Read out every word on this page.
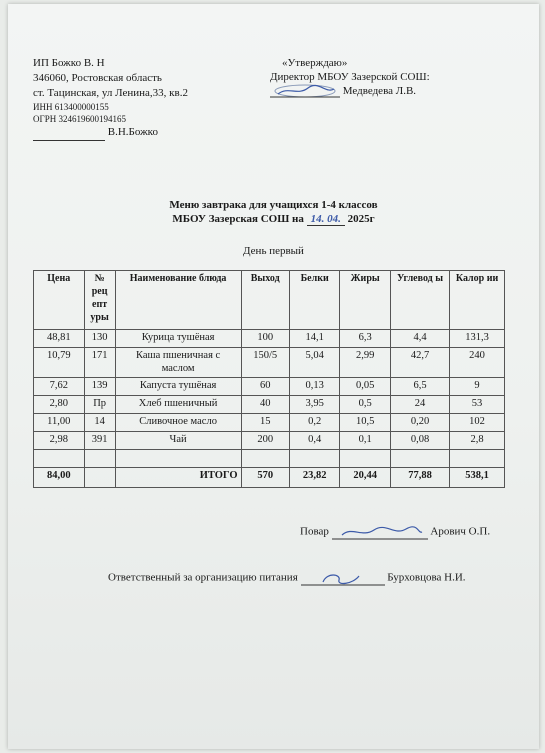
ИП Божко В. Н
346060, Ростовская область
ст. Тацинская, ул Ленина,33, кв.2
ИНН 613400000155
ОГРН 324619600194165
В.Н.Божко
«Утверждаю»
Директор МБОУ Зазерской СОШ:
Медведева Л.В.
Меню завтрака для учащихся 1-4 классов
МБОУ Зазерская СОШ на 14. 04. 2025г
День первый
Цена	№ рец епт уры	Наименование блюда	Выход	Белки	Жиры	Углевод ы	Калор ии
48,81	130	Курица тушёная	100	14,1	6,3	4,4	131,3
10,79	171	Каша пшеничная с маслом	150/5	5,04	2,99	42,7	240
7,62	139	Капуста тушёная	60	0,13	0,05	6,5	9
2,80	Пр	Хлеб пшеничный	40	3,95	0,5	24	53
11,00	14	Сливочное масло	15	0,2	10,5	0,20	102
2,98	391	Чай	200	0,4	0,1	0,08	2,8

84,00		ИТОГО	570	23,82	20,44	77,88	538,1
Повар	Арович О.П.
Ответственный за организацию питания	Бурховцова Н.И.
